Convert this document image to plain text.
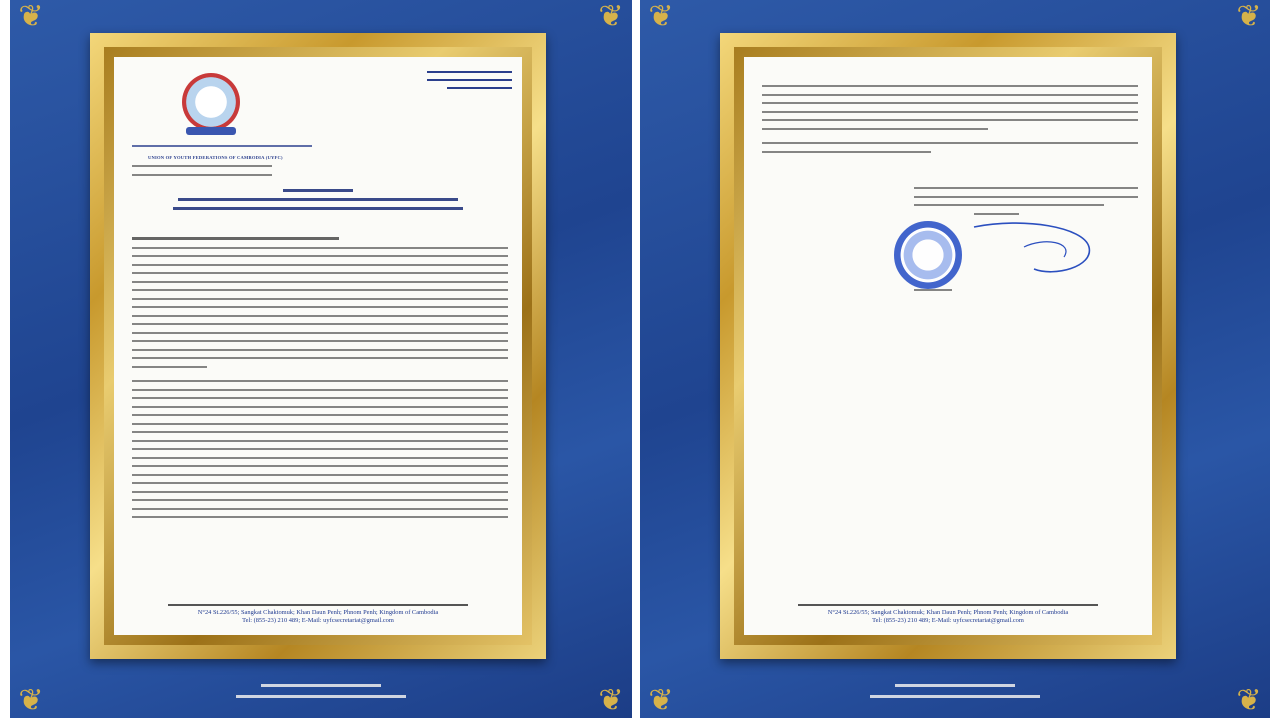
❦	❦
❦	❦
UNION OF YOUTH FEDERATIONS OF CAMBODIA (UYFC)
N°24 St.226/55; Sangkat Chaktomuk; Khan Daun Penh; Phnom Penh; Kingdom of Cambodia
Tel: (855-23) 210 489; E-Mail: uyfcsecretariat@gmail.com
❦	❦
❦	❦
N°24 St.226/55; Sangkat Chaktomuk; Khan Daun Penh; Phnom Penh; Kingdom of Cambodia
Tel: (855-23) 210 489; E-Mail: uyfcsecretariat@gmail.com
